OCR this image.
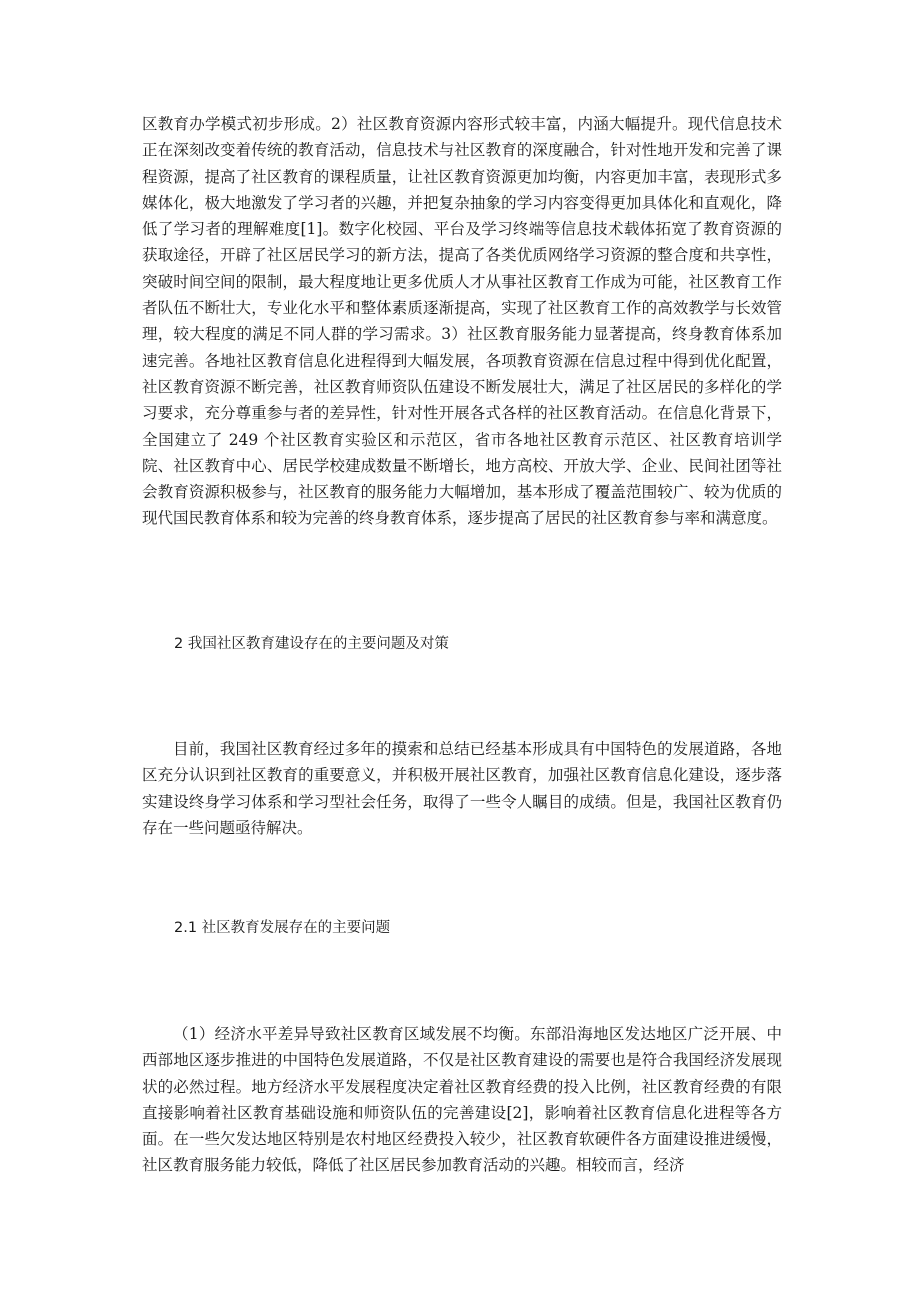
区教育办学模式初步形成。2）社区教育资源内容形式较丰富，内涵大幅提升。现代信息技术正在深刻改变着传统的教育活动，信息技术与社区教育的深度融合，针对性地开发和完善了课程资源，提高了社区教育的课程质量，让社区教育资源更加均衡，内容更加丰富，表现形式多媒体化，极大地激发了学习者的兴趣，并把复杂抽象的学习内容变得更加具体化和直观化，降低了学习者的理解难度[1]。数字化校园、平台及学习终端等信息技术载体拓宽了教育资源的获取途径，开辟了社区居民学习的新方法，提高了各类优质网络学习资源的整合度和共享性，突破时间空间的限制，最大程度地让更多优质人才从事社区教育工作成为可能，社区教育工作者队伍不断壮大，专业化水平和整体素质逐渐提高，实现了社区教育工作的高效教学与长效管理，较大程度的满足不同人群的学习需求。3）社区教育服务能力显著提高，终身教育体系加速完善。各地社区教育信息化进程得到大幅发展，各项教育资源在信息过程中得到优化配置，社区教育资源不断完善，社区教育师资队伍建设不断发展壮大，满足了社区居民的多样化的学习要求，充分尊重参与者的差异性，针对性开展各式各样的社区教育活动。在信息化背景下，全国建立了 249 个社区教育实验区和示范区，省市各地社区教育示范区、社区教育培训学院、社区教育中心、居民学校建成数量不断增长，地方高校、开放大学、企业、民间社团等社会教育资源积极参与，社区教育的服务能力大幅增加，基本形成了覆盖范围较广、较为优质的现代国民教育体系和较为完善的终身教育体系，逐步提高了居民的社区教育参与率和满意度。

2 我国社区教育建设存在的主要问题及对策

目前，我国社区教育经过多年的摸索和总结已经基本形成具有中国特色的发展道路，各地区充分认识到社区教育的重要意义，并积极开展社区教育，加强社区教育信息化建设，逐步落实建设终身学习体系和学习型社会任务，取得了一些令人瞩目的成绩。但是，我国社区教育仍存在一些问题亟待解决。

2.1 社区教育发展存在的主要问题

（1）经济水平差异导致社区教育区域发展不均衡。东部沿海地区发达地区广泛开展、中西部地区逐步推进的中国特色发展道路，不仅是社区教育建设的需要也是符合我国经济发展现状的必然过程。地方经济水平发展程度决定着社区教育经费的投入比例，社区教育经费的有限直接影响着社区教育基础设施和师资队伍的完善建设[2]，影响着社区教育信息化进程等各方面。在一些欠发达地区特别是农村地区经费投入较少，社区教育软硬件各方面建设推进缓慢，社区教育服务能力较低，降低了社区居民参加教育活动的兴趣。相较而言，经济
